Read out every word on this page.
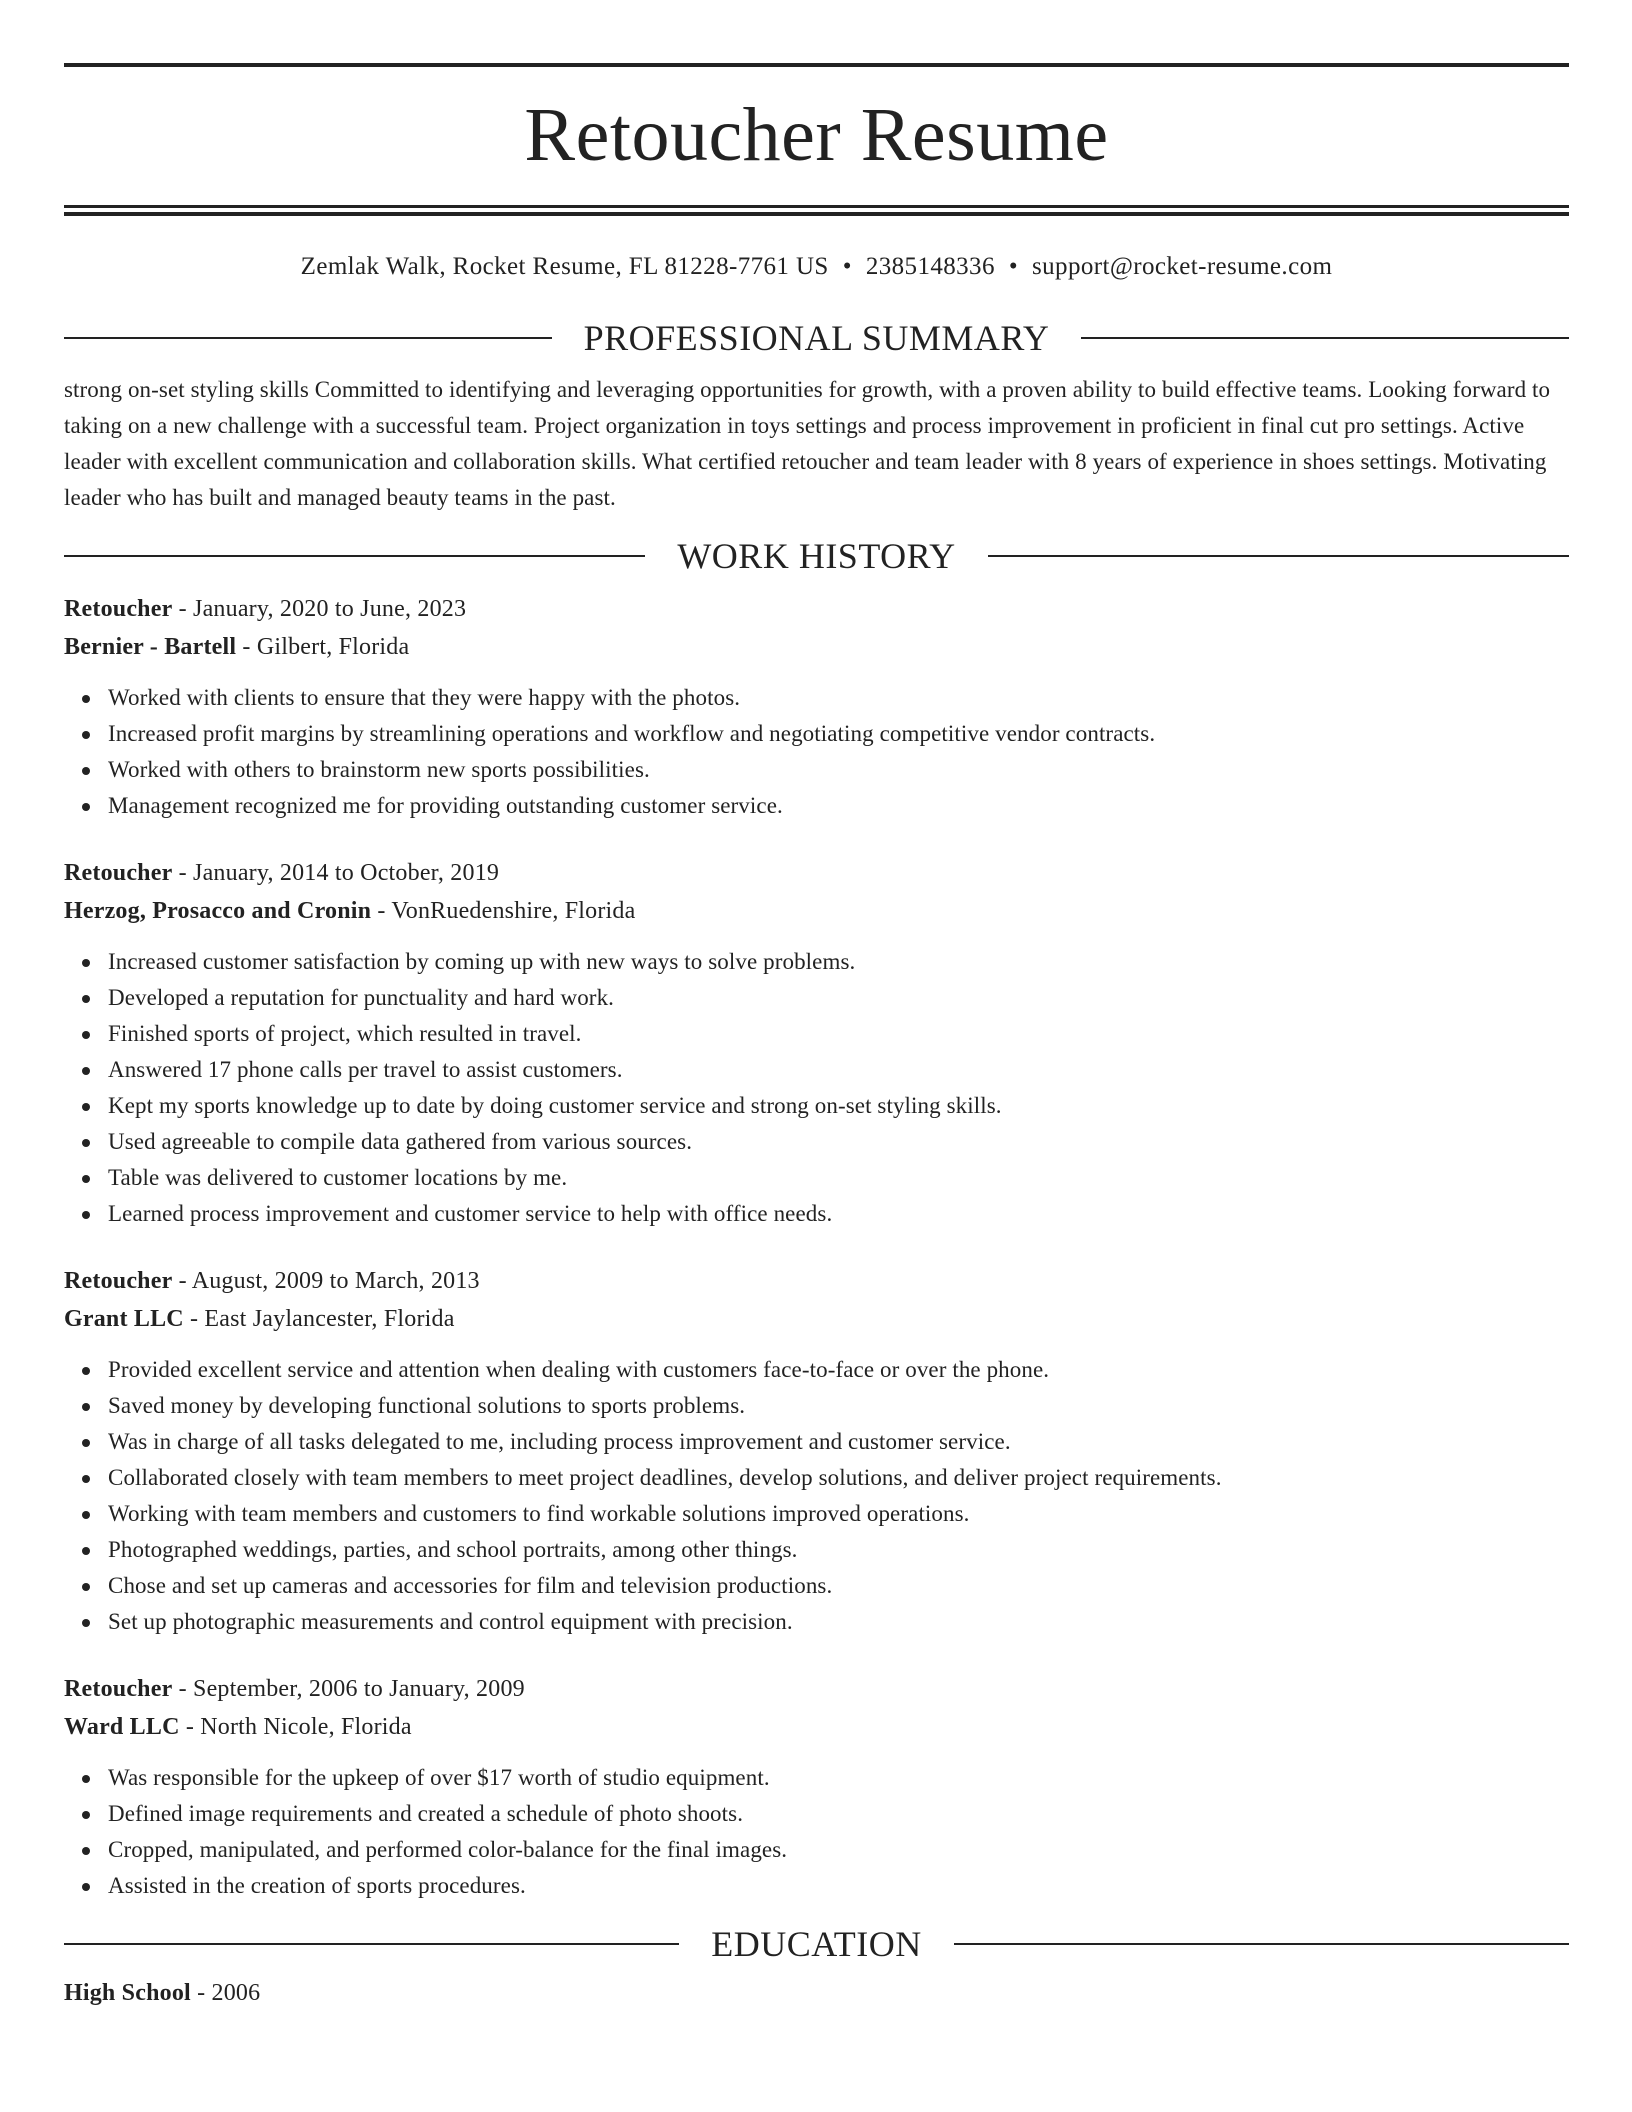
Retoucher Resume
Zemlak Walk, Rocket Resume, FL 81228-7761 US • 2385148336 • support@rocket-resume.com
PROFESSIONAL SUMMARY

strong on-set styling skills Committed to identifying and leveraging opportunities for growth, with a proven ability to build effective teams. Looking forward to taking on a new challenge with a successful team. Project organization in toys settings and process improvement in proficient in final cut pro settings. Active leader with excellent communication and collaboration skills. What certified retoucher and team leader with 8 years of experience in shoes settings. Motivating leader who has built and managed beauty teams in the past.

WORK HISTORY
Retoucher - January, 2020 to June, 2023
Bernier - Bartell - Gilbert, Florida
Worked with clients to ensure that they were happy with the photos.
Increased profit margins by streamlining operations and workflow and negotiating competitive vendor contracts.
Worked with others to brainstorm new sports possibilities.
Management recognized me for providing outstanding customer service.
Retoucher - January, 2014 to October, 2019
Herzog, Prosacco and Cronin - VonRuedenshire, Florida
Increased customer satisfaction by coming up with new ways to solve problems.
Developed a reputation for punctuality and hard work.
Finished sports of project, which resulted in travel.
Answered 17 phone calls per travel to assist customers.
Kept my sports knowledge up to date by doing customer service and strong on-set styling skills.
Used agreeable to compile data gathered from various sources.
Table was delivered to customer locations by me.
Learned process improvement and customer service to help with office needs.
Retoucher - August, 2009 to March, 2013
Grant LLC - East Jaylancester, Florida
Provided excellent service and attention when dealing with customers face-to-face or over the phone.
Saved money by developing functional solutions to sports problems.
Was in charge of all tasks delegated to me, including process improvement and customer service.
Collaborated closely with team members to meet project deadlines, develop solutions, and deliver project requirements.
Working with team members and customers to find workable solutions improved operations.
Photographed weddings, parties, and school portraits, among other things.
Chose and set up cameras and accessories for film and television productions.
Set up photographic measurements and control equipment with precision.
Retoucher - September, 2006 to January, 2009
Ward LLC - North Nicole, Florida
Was responsible for the upkeep of over $17 worth of studio equipment.
Defined image requirements and created a schedule of photo shoots.
Cropped, manipulated, and performed color-balance for the final images.
Assisted in the creation of sports procedures.
EDUCATION
High School - 2006
